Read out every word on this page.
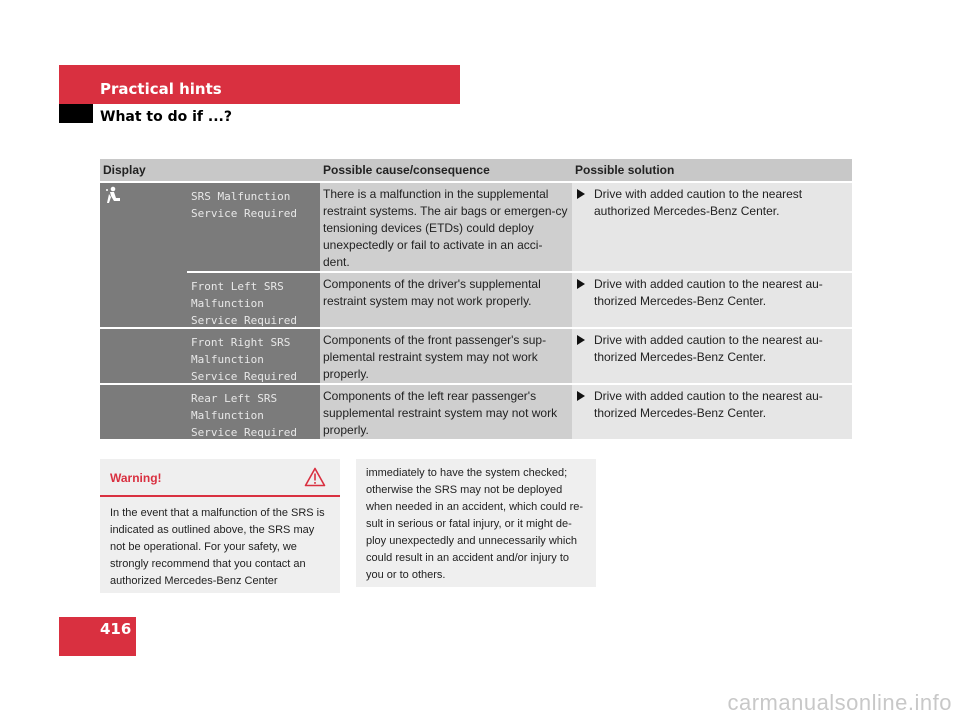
Practical hints
What to do if ...?
Display	Possible cause/consequence	Possible solution
SRS Malfunction
Service Required
There is a malfunction in the supplemental restraint systems. The air bags or emergen-cy tensioning devices (ETDs) could deploy unexpectedly or fail to activate in an acci-dent.
Drive with added caution to the nearest authorized Mercedes-Benz Center.
Front Left SRS
Malfunction
Service Required
Components of the driver's supplemental restraint system may not work properly.
Drive with added caution to the nearest au-thorized Mercedes-Benz Center.
Front Right SRS
Malfunction
Service Required
Components of the front passenger's sup-plemental restraint system may not work properly.
Drive with added caution to the nearest au-thorized Mercedes-Benz Center.
Rear Left SRS
Malfunction
Service Required
Components of the left rear passenger's supplemental restraint system may not work properly.
Drive with added caution to the nearest au-thorized Mercedes-Benz Center.
Warning!
In the event that a malfunction of the SRS is indicated as outlined above, the SRS may not be operational. For your safety, we strongly recommend that you contact an authorized Mercedes-Benz Center
immediately to have the system checked; otherwise the SRS may not be deployed when needed in an accident, which could re-sult in serious or fatal injury, or it might de-ploy unexpectedly and unnecessarily which could result in an accident and/or injury to you or to others.
416
carmanualsonline.info
